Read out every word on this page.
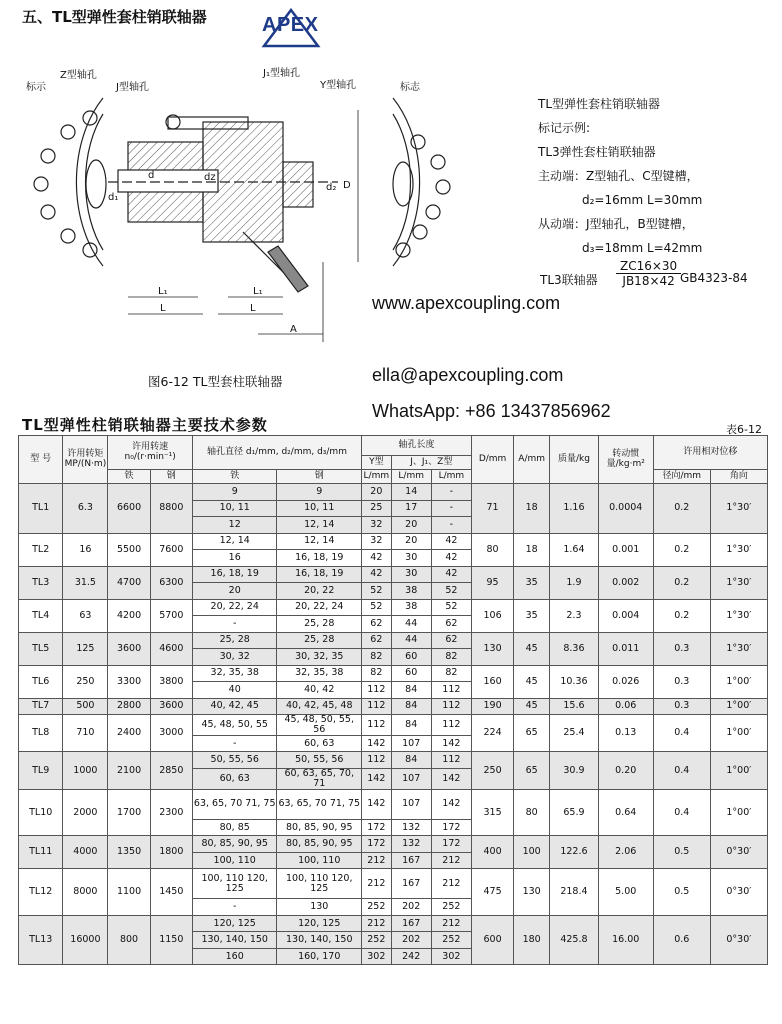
五、TL型弹性套柱销联轴器	APEX
标示
Z型轴孔
J型轴孔
J₁型轴孔
Y型轴孔	标志
L₁
L
L₁
L
A
D
d₁
d₂
dz
d
TL型弹性套柱销联轴器
标记示例:
TL3弹性套柱销联轴器
主动端：Z型轴孔、C型键槽，
d₂=16mm L=30mm
从动端：J型轴孔，B型键槽，
d₃=18mm L=42mm
TL3联轴器 $\frac{ZC16\times 30}{JB18\times 42}$
GB4323-84
www.apexcoupling.com
图6-12 TL型套柱联轴器	ella@apexcoupling.com
WhatsApp: +86 13437856962
TL型弹性柱销联轴器主要技术参数	表6-12
型 号	许用转矩 MP/(N·m)	许用转速 n₀/(r·min⁻¹)		轴孔直径 d₁/mm, d₂/mm, d₃/mm		轴孔长度			D/mm	A/mm	质量/kg	转动惯量/kg·m²	许用相对位移	
						Y型	J、J₁、Z型							
		铁	钢	铁	钢	L/mm	L/mm	L/mm					径向/mm	角向
TL1	6.3	6600	8800	9	9	20	14	-	71	18	1.16	0.0004	0.2	1°30′
				10, 11	10, 11	25	17	-						
				12	12, 14	32	20	-						
TL2	16	5500	7600	12, 14	12, 14	32	20	42	80	18	1.64	0.001	0.2	1°30′
				16	16, 18, 19	42	30	42						
TL3	31.5	4700	6300	16, 18, 19	16, 18, 19	42	30	42	95	35	1.9	0.002	0.2	1°30′
				20	20, 22	52	38	52						
TL4	63	4200	5700	20, 22, 24	20, 22, 24	52	38	52	106	35	2.3	0.004	0.2	1°30′
				-	25, 28	62	44	62						
TL5	125	3600	4600	25, 28	25, 28	62	44	62	130	45	8.36	0.011	0.3	1°30′
				30, 32	30, 32, 35	82	60	82						
TL6	250	3300	3800	32, 35, 38	32, 35, 38	82	60	82	160	45	10.36	0.026	0.3	1°00′
				40	40, 42	112	84	112						
TL7	500	2800	3600	40, 42, 45	40, 42, 45, 48	112	84	112	190	45	15.6	0.06	0.3	1°00′
TL8	710	2400	3000	45, 48, 50, 55	45, 48, 50, 55, 56	112	84	112	224	65	25.4	0.13	0.4	1°00′
				-	60, 63	142	107	142						
TL9	1000	2100	2850	50, 55, 56	50, 55, 56	112	84	112	250	65	30.9	0.20	0.4	1°00′
				60, 63	60, 63, 65, 70, 71	142	107	142						
TL10	2000	1700	2300	63, 65, 70 71, 75	63, 65, 70 71, 75	142	107	142	315	80	65.9	0.64	0.4	1°00′
				80, 85	80, 85, 90, 95	172	132	172						
TL11	4000	1350	1800	80, 85, 90, 95	80, 85, 90, 95	172	132	172	400	100	122.6	2.06	0.5	0°30′
				100, 110	100, 110	212	167	212						
TL12	8000	1100	1450	100, 110 120, 125	100, 110 120, 125	212	167	212	475	130	218.4	5.00	0.5	0°30′
				-	130	252	202	252						
TL13	16000	800	1150	120, 125	120, 125	212	167	212	600	180	425.8	16.00	0.6	0°30′
				130, 140, 150	130, 140, 150	252	202	252						
				160	160, 170	302	242	302						
